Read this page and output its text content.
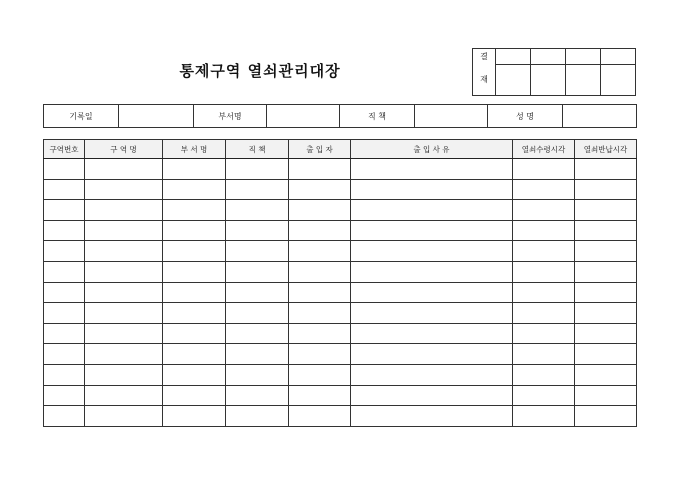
통제구역 열쇠관리대장
결				
재				
기록일		부서명		직 책		성 명	
구역번호	구 역 명	부 서 명	직 책	출 입 자	출 입 사 유	열쇠수령시각	열쇠반납시각
